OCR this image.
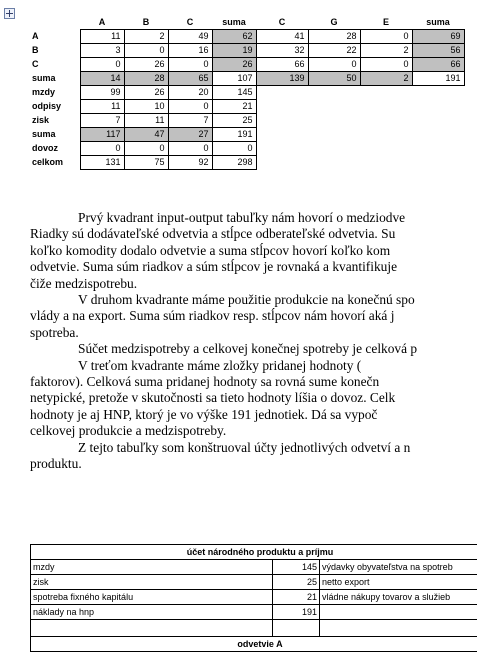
	A	B	C	suma	C	G	E	suma
A	11	2	49	62	41	28	0	69
B	3	0	16	19	32	22	2	56
C	0	26	0	26	66	0	0	66
suma	14	28	65	107	139	50	2	191
mzdy	99	26	20	145				
odpisy	11	10	0	21				
zisk	7	11	7	25				
suma	117	47	27	191				
dovoz	0	0	0	0				
celkom	131	75	92	298				

Prvý kvadrant input-output tabuľky nám hovorí o medziodve
Riadky sú dodávateľské odvetvia a stĺpce odberateľské odvetvia. Su
koľko komodity dodalo odvetvie a suma stĺpcov hovorí koľko kom
odvetvie. Suma súm riadkov a súm stĺpcov je rovnaká a kvantifikuje
čiže medzispotrebu.

V druhom kvadrante máme použitie produkcie na konečnú spo
vlády a na export. Suma súm riadkov resp. stĺpcov nám hovorí aká j
spotreba.

Súčet medzispotreby a celkovej konečnej spotreby je celková p

V treťom kvadrante máme zložky pridanej hodnoty (
faktorov). Celková suma pridanej hodnoty sa rovná sume konečn
netypické, pretože v skutočnosti sa tieto hodnoty líšia o dovoz. Celk
hodnoty je aj HNP, ktorý je vo výške 191 jednotiek. Dá sa vypoč
celkovej produkcie a medzispotreby.

Z tejto tabuľky som konštruoval účty jednotlivých odvetví a n
produktu.

účet národného produktu a príjmu		
mzdy	145	výdavky obyvateľstva na spotreb
zisk	25	netto export
spotreba fixného kapitálu	21	vládne nákupy tovarov a služieb
náklady na hnp	191	

odvetvie A		
